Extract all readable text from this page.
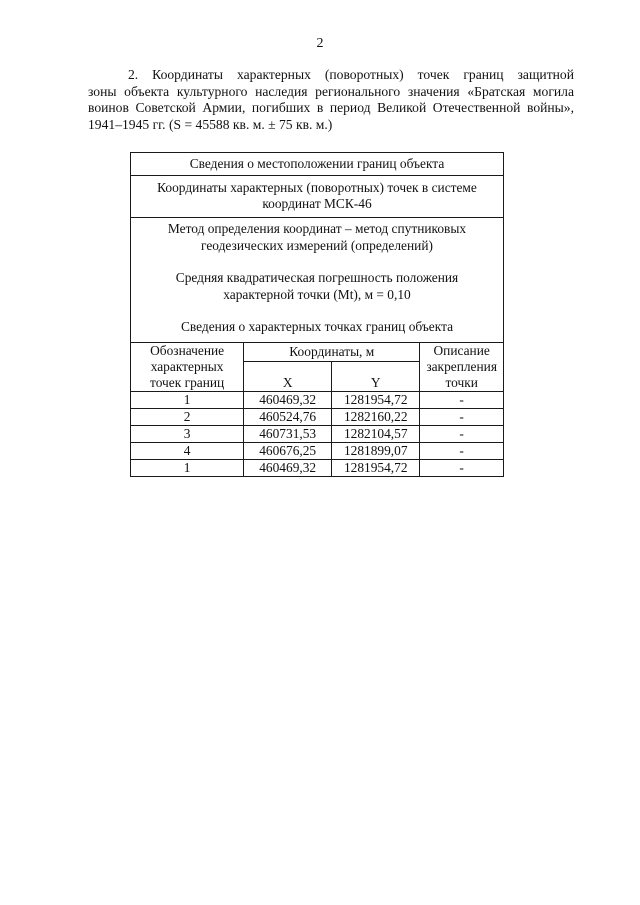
2
2. Координаты характерных (поворотных) точек границ защитной
зоны объекта культурного наследия регионального значения «Братская могила воинов Советской Армии, погибших в период Великой Отечественной войны», 1941–1945 гг. (S = 45588 кв. м. ± 75 кв. м.)
Сведения о местоположении границ объекта			
Координаты характерных (поворотных) точек в системе координат МСК-46			

Метод определения координат – метод спутниковых геодезических измерений (определений)

Средняя квадратическая погрешность положения характерной точки (Mt), м = 0,10

Сведения о характерных точках границ объекта			

Обозначение характерных точек границ	Координаты, м		Описание закрепления точки
	X	Y	
1	460469,32	1281954,72	-
2	460524,76	1282160,22	-
3	460731,53	1282104,57	-
4	460676,25	1281899,07	-
1	460469,32	1281954,72	-
